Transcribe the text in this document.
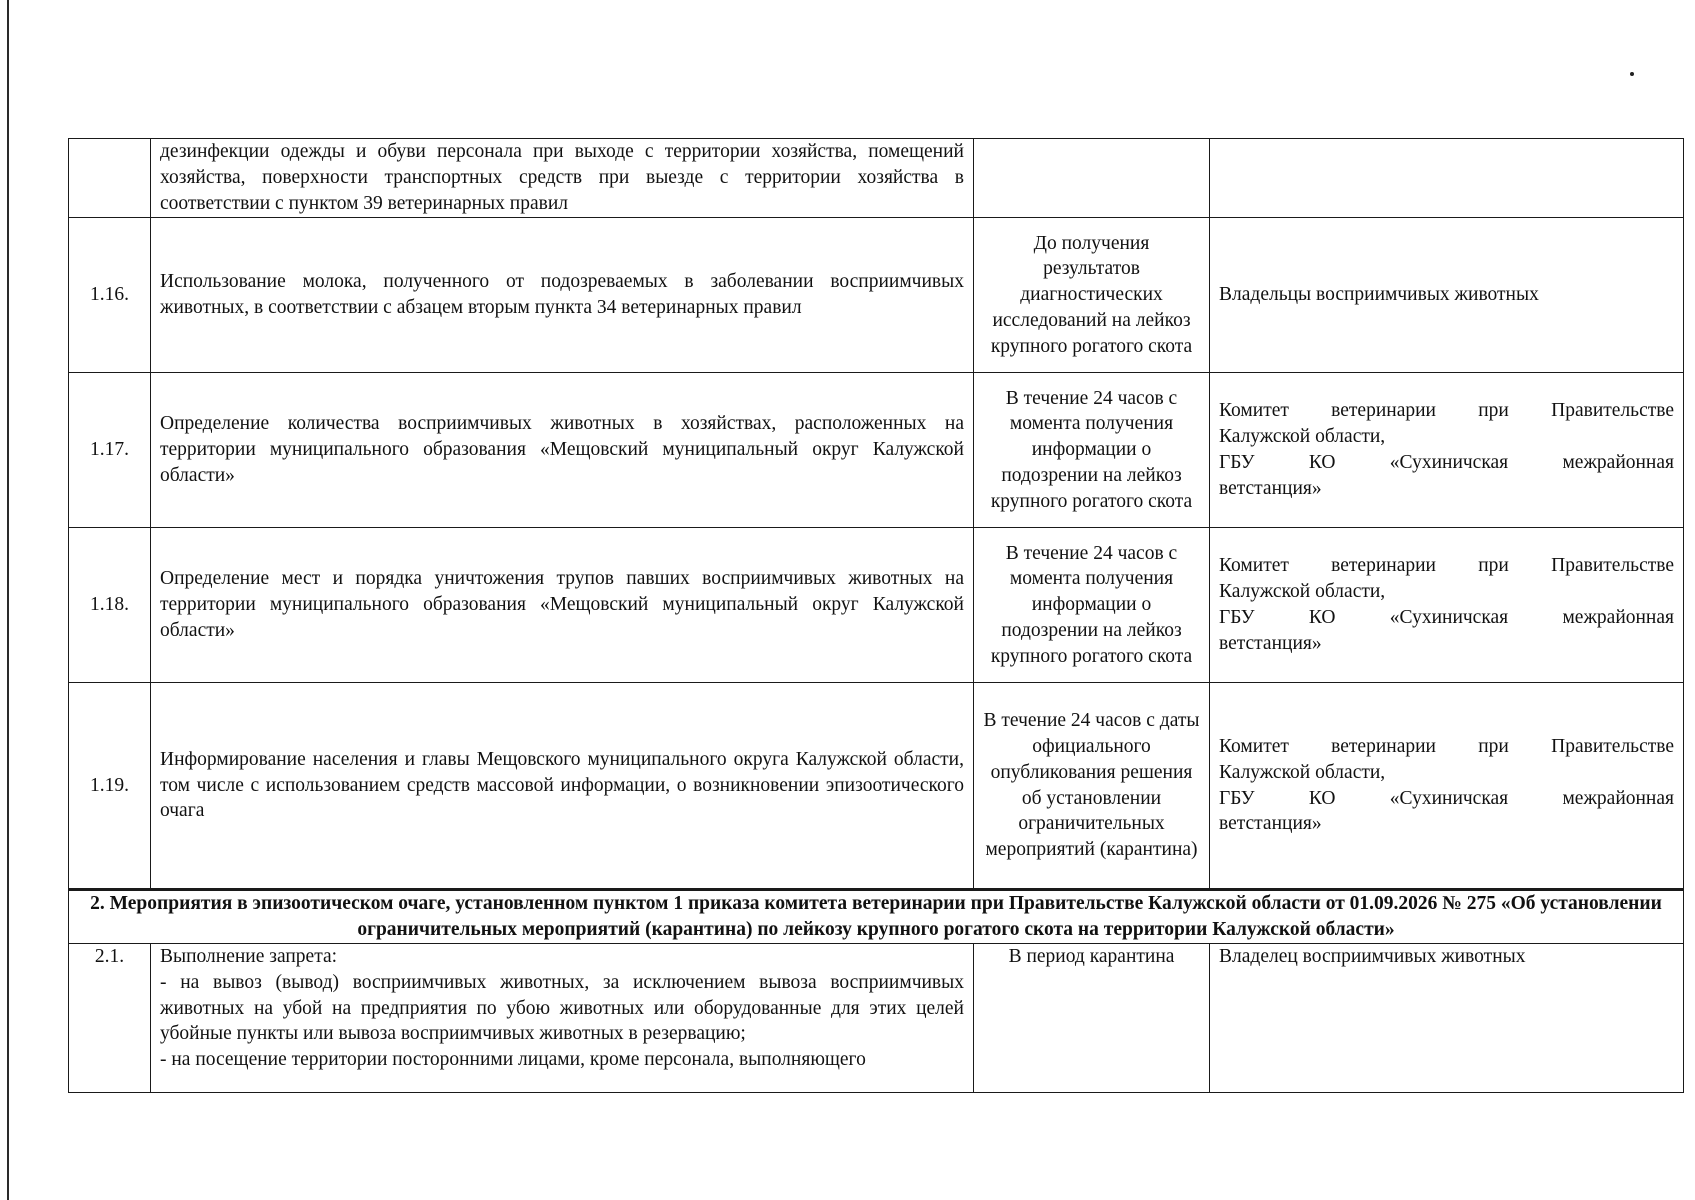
	дезинфекции одежды и обуви персонала при выходе с территории хозяйства, помещений хозяйства, поверхности транспортных средств при выезде с территории хозяйства в соответствии с пунктом 39 ветеринарных правил		
1.16.	Использование молока, полученного от подозреваемых в заболевании восприимчивых животных, в соответствии с абзацем вторым пункта 34 ветеринарных правил	До получения результатов диагностических исследований на лейкоз крупного рогатого скота	Владельцы восприимчивых животных

1.17.	Определение количества восприимчивых животных в хозяйствах, расположенных на территории муниципального образования «Мещовский муниципальный округ Калужской области»	В течение 24 часов с момента получения информации о подозрении на лейкоз крупного рогатого скота	Комитет ветеринарии при Правительстве
Калужской области,
ГБУ КО «Сухиничская межрайонная
ветстанция»

1.18.	Определение мест и порядка уничтожения трупов павших восприимчивых животных на территории муниципального образования «Мещовский муниципальный округ Калужской области»	В течение 24 часов с момента получения информации о подозрении на лейкоз крупного рогатого скота	Комитет ветеринарии при Правительстве
Калужской области,
ГБУ КО «Сухиничская межрайонная
ветстанция»

1.19.	Информирование населения и главы Мещовского муниципального округа Калужской области, том числе с использованием средств массовой информации, о возникновении эпизоотического очага	В течение 24 часов с даты официального опубликования решения об установлении ограничительных мероприятий (карантина)	Комитет ветеринарии при Правительстве
Калужской области,
ГБУ КО «Сухиничская межрайонная
ветстанция»

2. Мероприятия в эпизоотическом очаге, установленном пунктом 1 приказа комитета ветеринарии при Правительстве Калужской области от 01.09.2026 № 275 «Об установлении ограничительных мероприятий (карантина) по лейкозу крупного рогатого скота на территории Калужской области»			
2.1.	Выполнение запрета:
- на вывоз (вывод) восприимчивых животных, за исключением вывоза восприимчивых животных на убой на предприятия по убою животных или оборудованные для этих целей убойные пункты или вывоза восприимчивых животных в резервацию;
- на посещение территории посторонними лицами, кроме персонала, выполняющего	В период карантина	Владелец восприимчивых животных
